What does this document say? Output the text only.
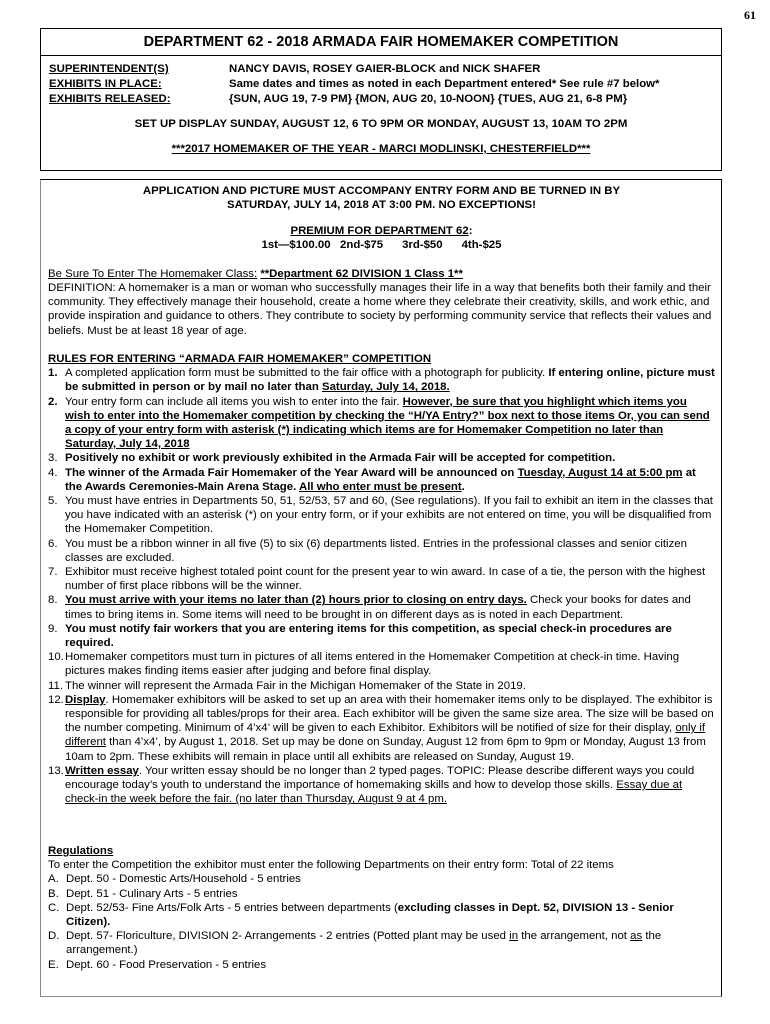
61
DEPARTMENT 62 - 2018 ARMADA FAIR HOMEMAKER COMPETITION
SUPERINTENDENT(S)	NANCY DAVIS, ROSEY GAIER-BLOCK and NICK SHAFER
EXHIBITS IN PLACE:	Same dates and times as noted in each Department entered* See rule #7 below*
EXHIBITS RELEASED:	{SUN, AUG 19, 7-9 PM} {MON, AUG 20, 10-NOON} {TUES, AUG 21, 6-8 PM}
SET UP DISPLAY SUNDAY, AUGUST 12, 6 TO 9PM OR MONDAY, AUGUST 13, 10AM TO 2PM
***2017 HOMEMAKER OF THE YEAR - MARCI MODLINSKI, CHESTERFIELD***
APPLICATION AND PICTURE MUST ACCOMPANY ENTRY FORM AND BE TURNED IN BY
SATURDAY, JULY 14, 2018 AT 3:00 PM. NO EXCEPTIONS!
PREMIUM FOR DEPARTMENT 62:
1st—$100.00   2nd-$75      3rd-$50      4th-$25
Be Sure To Enter The Homemaker Class: **Department 62 DIVISION 1 Class 1**
DEFINITION: A homemaker is a man or woman who successfully manages their life in a way that benefits both their family and their community. They effectively manage their household, create a home where they celebrate their creativity, skills, and work ethic, and provide inspiration and guidance to others. They contribute to society by performing community service that reflects their values and beliefs. Must be at least 18 year of age.
RULES FOR ENTERING “ARMADA FAIR HOMEMAKER” COMPETITION
1. A completed application form must be submitted to the fair office with a photograph for publicity. If entering online, picture must be submitted in person or by mail no later than Saturday, July 14, 2018.
2. Your entry form can include all items you wish to enter into the fair. However, be sure that you highlight which items you wish to enter into the Homemaker competition by checking the “H/YA Entry?” box next to those items Or, you can send a copy of your entry form with asterisk (*) indicating which items are for Homemaker Competition no later than Saturday, July 14, 2018
3. Positively no exhibit or work previously exhibited in the Armada Fair will be accepted for competition.
4. The winner of the Armada Fair Homemaker of the Year Award will be announced on Tuesday, August 14 at 5:00 pm at the Awards Ceremonies-Main Arena Stage. All who enter must be present.
5. You must have entries in Departments 50, 51, 52/53, 57 and 60, (See regulations). If you fail to exhibit an item in the classes that you have indicated with an asterisk (*) on your entry form, or if your exhibits are not entered on time, you will be disqualified from the Homemaker Competition.
6. You must be a ribbon winner in all five (5) to six (6) departments listed. Entries in the professional classes and senior citizen classes are excluded.
7. Exhibitor must receive highest totaled point count for the present year to win award. In case of a tie, the person with the highest number of first place ribbons will be the winner.
8. You must arrive with your items no later than (2) hours prior to closing on entry days. Check your books for dates and times to bring items in. Some items will need to be brought in on different days as is noted in each Department.
9. You must notify fair workers that you are entering items for this competition, as special check-in procedures are required.
10. Homemaker competitors must turn in pictures of all items entered in the Homemaker Competition at check-in time. Having pictures makes finding items easier after judging and before final display.
11. The winner will represent the Armada Fair in the Michigan Homemaker of the State in 2019.
12. Display. Homemaker exhibitors will be asked to set up an area with their homemaker items only to be displayed. The exhibitor is responsible for providing all tables/props for their area. Each exhibitor will be given the same size area. The size will be based on the number competing. Minimum of 4’x4’ will be given to each Exhibitor. Exhibitors will be notified of size for their display, only if different than 4’x4’, by August 1, 2018. Set up may be done on Sunday, August 12 from 6pm to 9pm or Monday, August 13 from 10am to 2pm. These exhibits will remain in place until all exhibits are released on Sunday, August 19.
13. Written essay. Your written essay should be no longer than 2 typed pages. TOPIC: Please describe different ways you could encourage today’s youth to understand the importance of homemaking skills and how to develop those skills. Essay due at check-in the week before the fair. (no later than Thursday, August 9 at 4 pm.
Regulations
To enter the Competition the exhibitor must enter the following Departments on their entry form: Total of 22 items
A. Dept. 50 - Domestic Arts/Household - 5 entries
B. Dept. 51 - Culinary Arts - 5 entries
C. Dept. 52/53- Fine Arts/Folk Arts - 5 entries between departments (excluding classes in Dept. 52, DIVISION 13 - Senior Citizen).
D. Dept. 57- Floriculture, DIVISION 2- Arrangements - 2 entries (Potted plant may be used in the arrangement, not as the arrangement.)
E. Dept. 60 - Food Preservation - 5 entries
